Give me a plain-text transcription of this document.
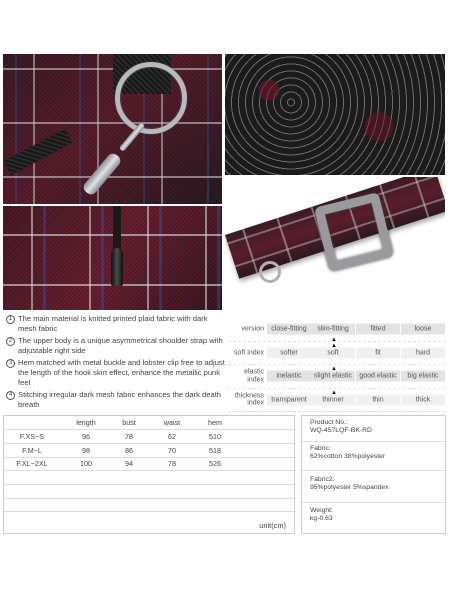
1 The main material is knitted printed plaid fabric with dark mesh fabric
2 The upper body is a unique asymmetrical shoulder strap with adjustable right side
3 Hem matched with metal buckle and lobster clip free to adjust the length of the hook skirt effect, enhance the metallic punk feel
4 Stitching irregular dark mesh fabric enhances the dark death breath
version	close-fitting	slim-fitting	fitted	loose
▲
soft index	softer	soft	fit	hard
▲
elastic index	inelastic	slight elastic	good elastic	big elastic
▲
thickness index	transparent	thinner	thin	thick
▲
	length	bust	waist	hem	
F.XS~S	96	78	62	510	
F.M~L	98	86	70	518	
F.XL~2XL	100	94	78	526	

unit(cm)
Product No.:
WQ-457LQF-BK-RD
Fabric:
62%cotton 38%polyester
Fabric2:
95%polyester 5%spandex
Weight:
kg-0.63
